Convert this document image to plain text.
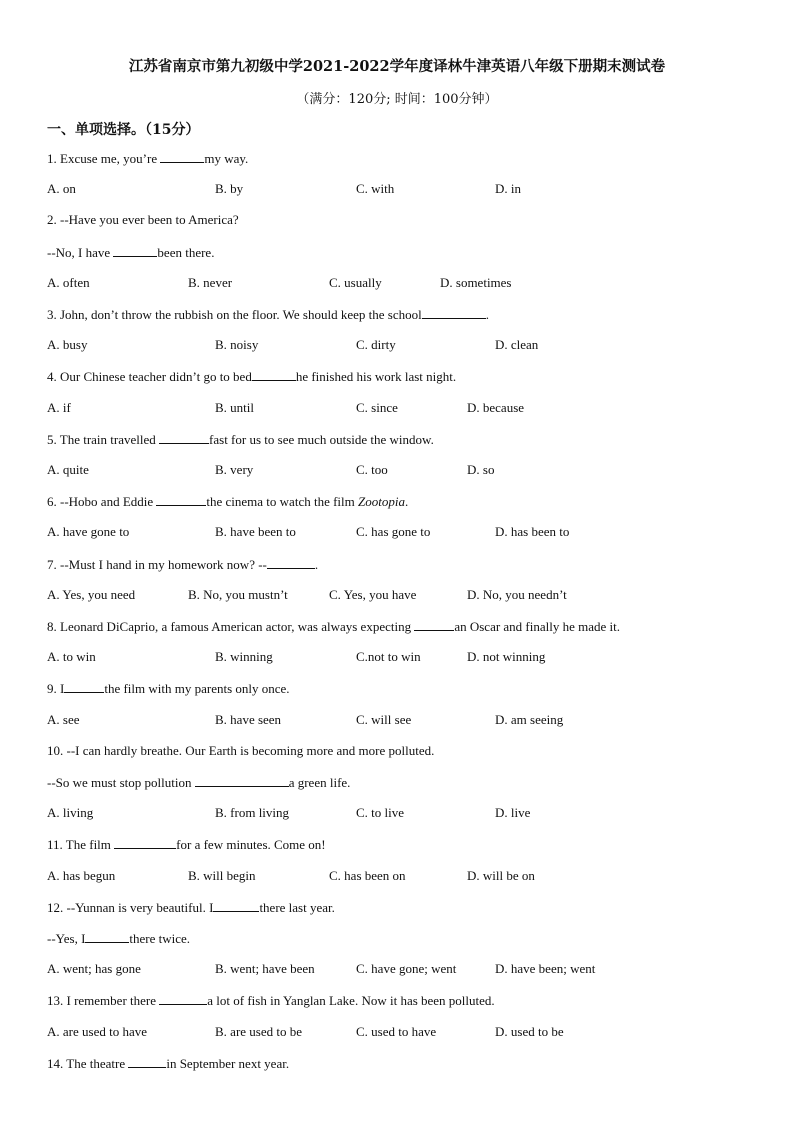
江苏省南京市第九初级中学2021-2022学年度译林牛津英语八年级下册期末测试卷
（满分：120分; 时间：100分钟）
一、单项选择。（15分）
1. Excuse me, you’re	my way.
A. on	B. by	C. with	D. in
2. --Have you ever been to America?
--No, I have	been there.
A. often	B. never	C. usually	D. sometimes
3. John, don’t throw the rubbish on the floor. We should keep the school	.
A. busy	B. noisy	C. dirty	D. clean
4. Our Chinese teacher didn’t go to bed	he finished his work last night.
A. if	B. until	C. since	D. because
5. The train travelled	fast for us to see much outside the window.
A. quite	B. very	C. too	D. so
6. --Hobo and Eddie	the cinema to watch the film Zootopia.
A. have gone to	B. have been to	C. has gone to	D. has been to
7. --Must I hand in my homework now? --	.
A. Yes, you need	B. No, you mustn’t	C. Yes, you have	D. No, you needn’t
8. Leonard DiCaprio, a famous American actor, was always expecting	an Oscar and finally he made it.
A. to win	B. winning	C.not to win	D. not winning
9. I	the film with my parents only once.
A. see	B. have seen	C. will see	D. am seeing
10. --I can hardly breathe. Our Earth is becoming more and more polluted.
--So we must stop pollution	a green life.
A. living	B. from living	C. to live	D. live
11. The film	for a few minutes. Come on!
A. has begun	B. will begin	C. has been on	D. will be on
12. --Yunnan is very beautiful. I	there last year.
--Yes, I	there twice.
A. went; has gone	B. went; have been	C. have gone; went	D. have been; went
13. I remember there	a lot of fish in Yanglan Lake. Now it has been polluted.
A. are used to have	B. are used to be	C. used to have	D. used to be
14. The theatre	in September next year.
